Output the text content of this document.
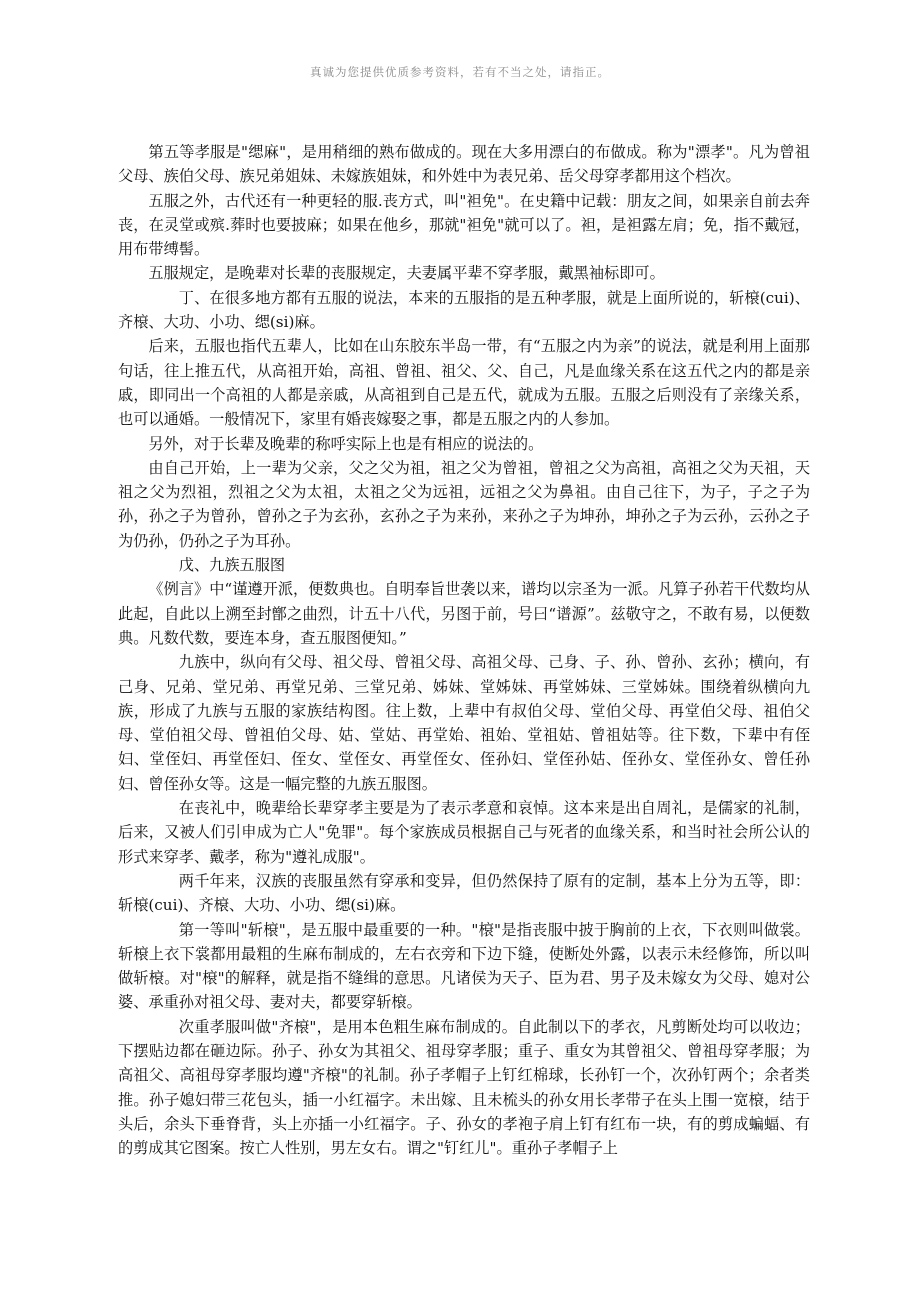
真诚为您提供优质参考资料，若有不当之处，请指正。

第五等孝服是"缌麻"，是用稍细的熟布做成的。现在大多用漂白的布做成。称为"漂孝"。凡为曾祖父母、族伯父母、族兄弟姐妹、未嫁族姐妹，和外姓中为表兄弟、岳父母穿孝都用这个档次。

五服之外，古代还有一种更轻的服.丧方式，叫"袒免"。在史籍中记载：朋友之间，如果亲自前去奔丧，在灵堂或殡.葬时也要披麻；如果在他乡，那就"袒免"就可以了。袒，是袒露左肩；免，指不戴冠，用布带缚髻。

五服规定，是晚辈对长辈的丧服规定，夫妻属平辈不穿孝服，戴黑袖标即可。

丁、在很多地方都有五服的说法，本来的五服指的是五种孝服，就是上面所说的，斩榱(cui)、齐榱、大功、小功、缌(si)麻。

后来，五服也指代五辈人，比如在山东胶东半岛一带，有“五服之内为亲”的说法，就是利用上面那句话，往上推五代，从高祖开始，高祖、曾祖、祖父、父、自己，凡是血缘关系在这五代之内的都是亲戚，即同出一个高祖的人都是亲戚，从高祖到自己是五代，就成为五服。五服之后则没有了亲缘关系，也可以通婚。一般情况下，家里有婚丧嫁娶之事，都是五服之内的人参加。

另外，对于长辈及晚辈的称呼实际上也是有相应的说法的。

由自己开始，上一辈为父亲，父之父为祖，祖之父为曾祖，曾祖之父为高祖，高祖之父为天祖，天祖之父为烈祖，烈祖之父为太祖，太祖之父为远祖，远祖之父为鼻祖。由自己往下，为子，子之子为孙，孙之子为曾孙，曾孙之子为玄孙，玄孙之子为来孙，来孙之子为坤孙，坤孙之子为云孙，云孙之子为仍孙，仍孙之子为耳孙。

戊、九族五服图

《例言》中“谨遵开派，便数典也。自明奉旨世袭以来，谱均以宗圣为一派。凡算子孙若干代数均从此起，自此以上溯至封鄫之曲烈，计五十八代，另图于前，号曰“谱源”。兹敬守之，不敢有易，以便数典。凡数代数，要连本身，查五服图便知。”

九族中，纵向有父母、祖父母、曾祖父母、高祖父母、己身、子、孙、曾孙、玄孙；横向，有己身、兄弟、堂兄弟、再堂兄弟、三堂兄弟、姊妹、堂姊妹、再堂姊妹、三堂姊妹。围绕着纵横向九族，形成了九族与五服的家族结构图。往上数，上辈中有叔伯父母、堂伯父母、再堂伯父母、祖伯父母、堂伯祖父母、曾祖伯父母、姑、堂姑、再堂始、祖始、堂祖姑、曾祖姑等。往下数，下辈中有侄妇、堂侄妇、再堂侄妇、侄女、堂侄女、再堂侄女、侄孙妇、堂侄孙姑、侄孙女、堂侄孙女、曾任孙妇、曾侄孙女等。这是一幅完整的九族五服图。

在丧礼中，晚辈给长辈穿孝主要是为了表示孝意和哀悼。这本来是出自周礼，是儒家的礼制，后来，又被人们引申成为亡人"免罪"。每个家族成员根据自己与死者的血缘关系，和当时社会所公认的形式来穿孝、戴孝，称为"遵礼成服"。

两千年来，汉族的丧服虽然有穿承和变异，但仍然保持了原有的定制，基本上分为五等，即：斩榱(cui)、齐榱、大功、小功、缌(si)麻。

第一等叫"斩榱"，是五服中最重要的一种。"榱"是指丧服中披于胸前的上衣，下衣则叫做裳。斩榱上衣下裳都用最粗的生麻布制成的，左右衣旁和下边下缝，使断处外露，以表示未经修饰，所以叫做斩榱。对"榱"的解释，就是指不缝缉的意思。凡诸侯为天子、臣为君、男子及未嫁女为父母、媳对公婆、承重孙对祖父母、妻对夫，都要穿斩榱。

次重孝服叫做"齐榱"，是用本色粗生麻布制成的。自此制以下的孝衣，凡剪断处均可以收边；下摆贴边都在砸边际。孙子、孙女为其祖父、祖母穿孝服；重子、重女为其曾祖父、曾祖母穿孝服；为高祖父、高祖母穿孝服均遵"齐榱"的礼制。孙子孝帽子上钉红棉球，长孙钉一个，次孙钉两个；余者类推。孙子媳妇带三花包头，插一小红福字。未出嫁、且未梳头的孙女用长孝带子在头上围一宽榱，结于头后，余头下垂脊背，头上亦插一小红福字。子、孙女的孝袍子肩上钉有红布一块，有的剪成蝙蝠、有的剪成其它图案。按亡人性别，男左女右。谓之"钉红儿"。重孙子孝帽子上
